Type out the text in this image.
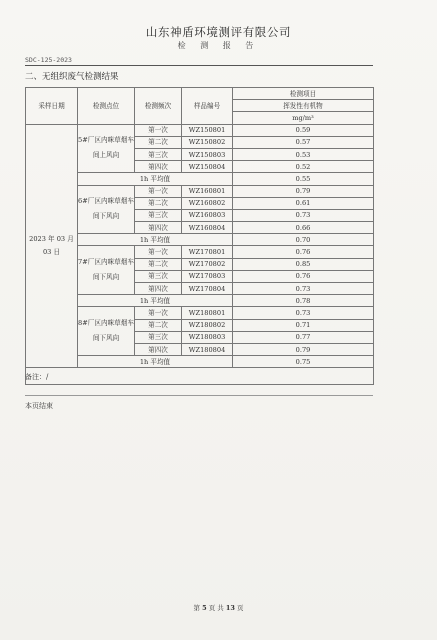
山东神盾环境测评有限公司
检 测 报 告
SDC-125-2023
二、无组织废气检测结果
采样日期	检测点位	检测频次	样品编号	检测项目
				挥发性有机物
				mg/m³
2023 年 03 月 03 日	5#厂区内咪草烟车间上风向	第一次	WZ150801	0.59
		第二次	WZ150802	0.57
		第三次	WZ150803	0.53
		第四次	WZ150804	0.52
	1h 平均值			0.55
	6#厂区内咪草烟车间下风向	第一次	WZ160801	0.79
		第二次	WZ160802	0.61
		第三次	WZ160803	0.73
		第四次	WZ160804	0.66
	1h 平均值			0.70
	7#厂区内咪草烟车间下风向	第一次	WZ170801	0.76
		第二次	WZ170802	0.85
		第三次	WZ170803	0.76
		第四次	WZ170804	0.73
	1h 平均值			0.78
	8#厂区内咪草烟车间下风向	第一次	WZ180801	0.73
		第二次	WZ180802	0.71
		第三次	WZ180803	0.77
		第四次	WZ180804	0.79
	1h 平均值			0.75

备注：/
本页结束
第 5 页 共 13 页
